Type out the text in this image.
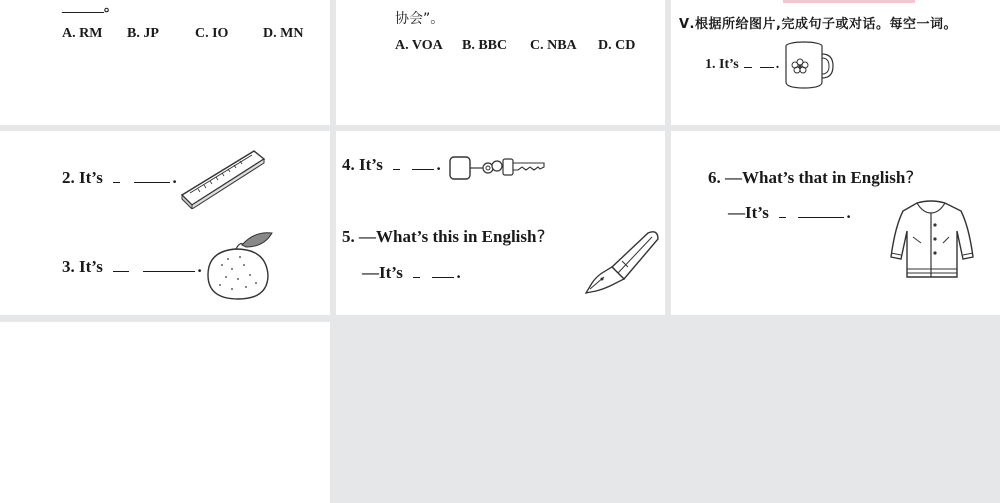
______。
A. RM B. JP	C. IO D. MN
协会”。
A. VOA B. BBC C. NBA D. CD
Ⅴ.根据所给图片,完成句子或对话。每空一词。
1. It’s	.
2. It’s	.
3. It’s	.
4. It’s	.
5. —What’s this in English?
—It’s	.
6. —What’s that in English?
—It’s	.
